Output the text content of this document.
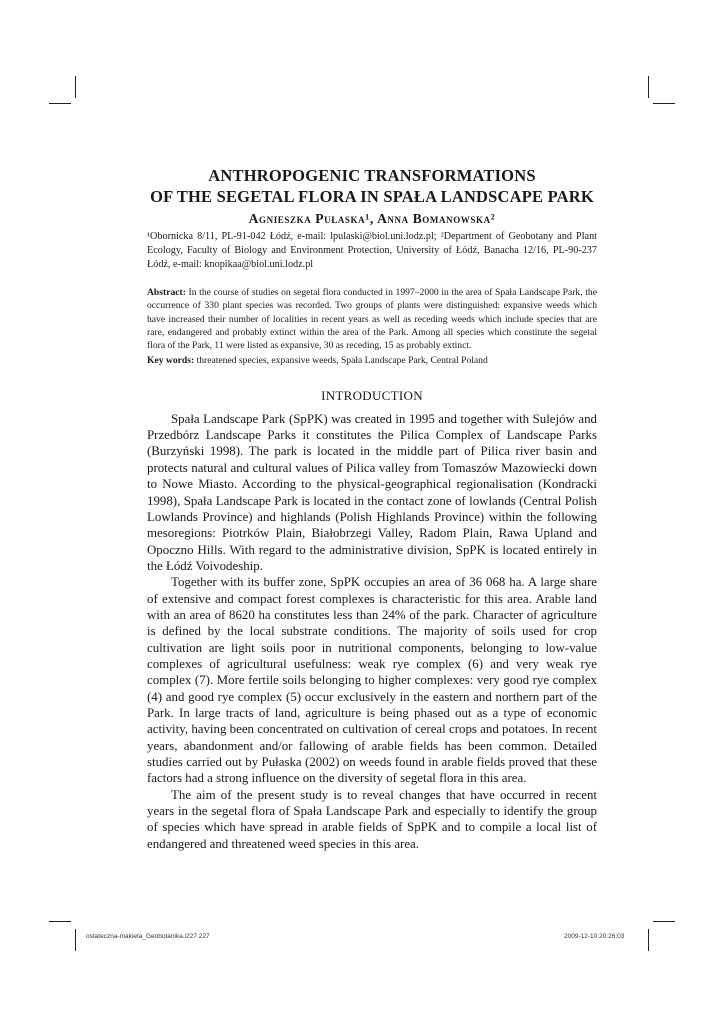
ANTHROPOGENIC TRANSFORMATIONS
OF THE SEGETAL FLORA IN SPAŁA LANDSCAPE PARK
Agnieszka Pułaska¹, Anna Bomanowska²
¹Obornicka 8/11, PL-91-042 Łódź, e-mail: lpulaski@biol.uni.lodz.pl; ²Department of Geobotany and Plant Ecology, Faculty of Biology and Environment Protection, University of Łódź, Banacha 12/16, PL-90-237 Łódź, e-mail: knopikaa@biol.uni.lodz.pl
Abstract: In the course of studies on segetal flora conducted in 1997–2000 in the area of Spała Landscape Park, the occurrence of 330 plant species was recorded. Two groups of plants were distinguished: expansive weeds which have increased their number of localities in recent years as well as receding weeds which include species that are rare, endangered and probably extinct within the area of the Park. Among all species which constitute the segetal flora of the Park, 11 were listed as expansive, 30 as receding, 15 as probably extinct.
Key words: threatened species, expansive weeds, Spała Landscape Park, Central Poland
INTRODUCTION

Spała Landscape Park (SpPK) was created in 1995 and together with Sulejów and Przedbórz Landscape Parks it constitutes the Pilica Complex of Landscape Parks (Burzyński 1998). The park is located in the middle part of Pilica river basin and protects natural and cultural values of Pilica valley from Tomaszów Mazowiecki down to Nowe Miasto. According to the physical-geographical regionalisation (Kondracki 1998), Spała Landscape Park is located in the contact zone of lowlands (Central Polish Lowlands Province) and highlands (Polish Highlands Province) within the following mesoregions: Piotrków Plain, Białobrzegi Valley, Radom Plain, Rawa Upland and Opoczno Hills. With regard to the administrative division, SpPK is located entirely in the Łódź Voivodeship.

Together with its buffer zone, SpPK occupies an area of 36 068 ha. A large share of extensive and compact forest complexes is characteristic for this area. Arable land with an area of 8620 ha constitutes less than 24% of the park. Character of agriculture is defined by the local substrate conditions. The majority of soils used for crop cultivation are light soils poor in nutritional components, belonging to low-value complexes of agricultural usefulness: weak rye complex (6) and very weak rye complex (7). More fertile soils belonging to higher complexes: very good rye complex (4) and good rye complex (5) occur exclusively in the eastern and northern part of the Park. In large tracts of land, agriculture is being phased out as a type of economic activity, having been concentrated on cultivation of cereal crops and potatoes. In recent years, abandonment and/or fallowing of arable fields has been common. Detailed studies carried out by Pułaska (2002) on weeds found in arable fields proved that these factors had a strong influence on the diversity of segetal flora in this area.

The aim of the present study is to reveal changes that have occurred in recent years in the segetal flora of Spała Landscape Park and especially to identify the group of species which have spread in arable fields of SpPK and to compile a local list of endangered and threatened weed species in this area.

ostateczna-makieta_Geobotanika.i227 227	2009-12-10 20:26:03
